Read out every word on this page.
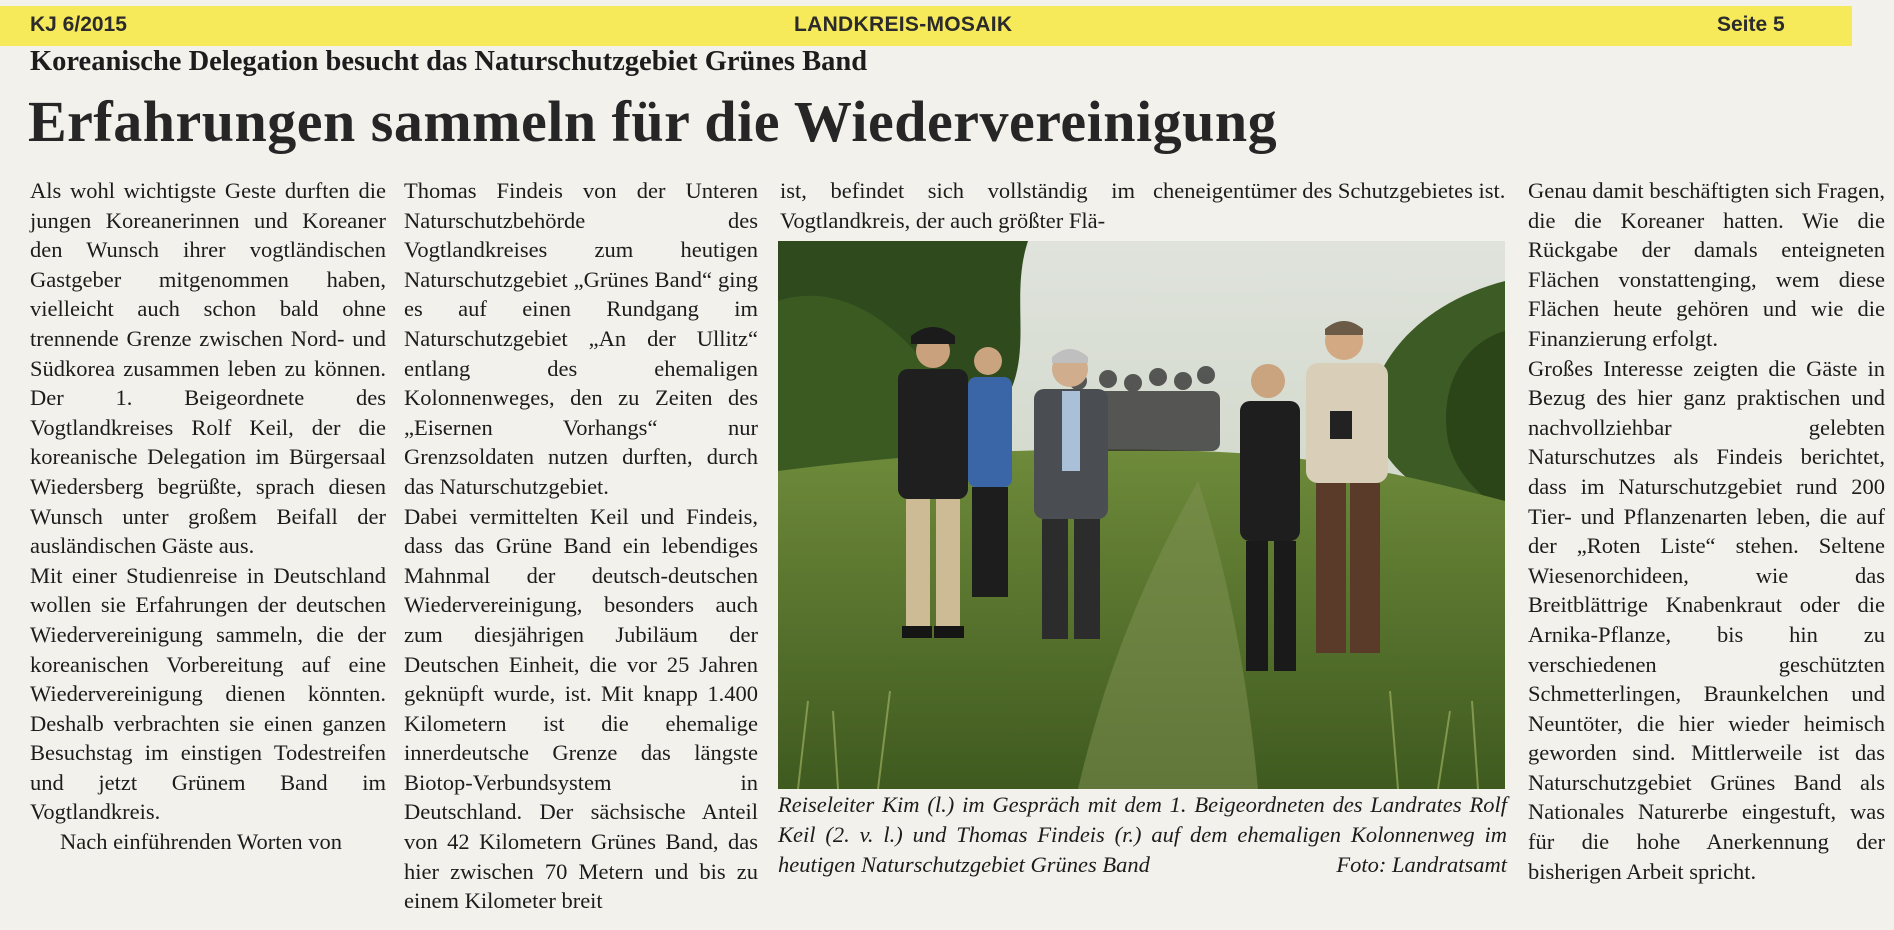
KJ 6/2015	LANDKREIS-MOSAIK	Seite 5
Koreanische Delegation besucht das Naturschutzgebiet Grünes Band
Erfahrungen sammeln für die Wiedervereinigung

Als wohl wichtigste Geste durften die jungen Koreanerinnen und Koreaner den Wunsch ihrer vogtländischen Gastgeber mitgenommen haben, vielleicht auch schon bald ohne trennende Grenze zwischen Nord- und Südkorea zusammen leben zu können. Der 1. Beigeordnete des Vogtlandkreises Rolf Keil, der die koreanische Delegation im Bürgersaal Wiedersberg begrüßte, sprach diesen Wunsch unter großem Beifall der ausländischen Gäste aus.

Mit einer Studienreise in Deutschland wollen sie Erfahrungen der deutschen Wiedervereinigung sammeln, die der koreanischen Vorbereitung auf eine Wiedervereinigung dienen könnten. Deshalb verbrachten sie einen ganzen Besuchstag im einstigen Todestreifen und jetzt Grünem Band im Vogtlandkreis.

Nach einführenden Worten von

Thomas Findeis von der Unteren Naturschutzbehörde des Vogtlandkreises zum heutigen Naturschutzgebiet „Grünes Band“ ging es auf einen Rundgang im Naturschutzgebiet „An der Ullitz“ entlang des ehemaligen Kolonnenweges, den zu Zeiten des „Eisernen Vorhangs“ nur Grenzsoldaten nutzen durften, durch das Naturschutzgebiet.

Dabei vermittelten Keil und Findeis, dass das Grüne Band ein lebendiges Mahnmal der deutsch-deutschen Wiedervereinigung, besonders auch zum diesjährigen Jubiläum der Deutschen Einheit, die vor 25 Jahren geknüpft wurde, ist. Mit knapp 1.400 Kilometern ist die ehemalige innerdeutsche Grenze das längste Biotop-Verbundsystem in Deutschland. Der sächsische Anteil von 42 Kilometern Grünes Band, das hier zwischen 70 Metern und bis zu einem Kilometer breit

ist, befindet sich vollständig im Vogtlandkreis, der auch größter Flä-

cheneigentümer des Schutzgebietes ist. Genau damit beschäftigten sich Fragen, die die Koreaner hatten. Wie die Rückgabe der damals enteigneten Flächen vonstattenging, wem diese Flächen heute gehören und wie die Finanzierung erfolgt.

Großes Interesse zeigten die Gäste in Bezug des hier ganz praktischen und nachvollziehbar gelebten Naturschutzes als Findeis berichtet, dass im Naturschutzgebiet rund 200 Tier- und Pflanzenarten leben, die auf der „Roten Liste“ stehen. Seltene Wiesenorchideen, wie das Breitblättrige Knabenkraut oder die Arnika-Pflanze, bis hin zu verschiedenen geschützten Schmetterlingen, Braunkelchen und Neuntöter, die hier wieder heimisch geworden sind. Mittlerweile ist das Naturschutzgebiet Grünes Band als Nationales Naturerbe eingestuft, was für die hohe Anerkennung der bisherigen Arbeit spricht.

Reiseleiter Kim (l.) im Gespräch mit dem 1. Beigeordneten des Landrates Rolf Keil (2. v. l.) und Thomas Findeis (r.) auf dem ehemaligen Kolonnenweg im heutigen Naturschutzgebiet Grünes Band	Foto: Landratsamt
